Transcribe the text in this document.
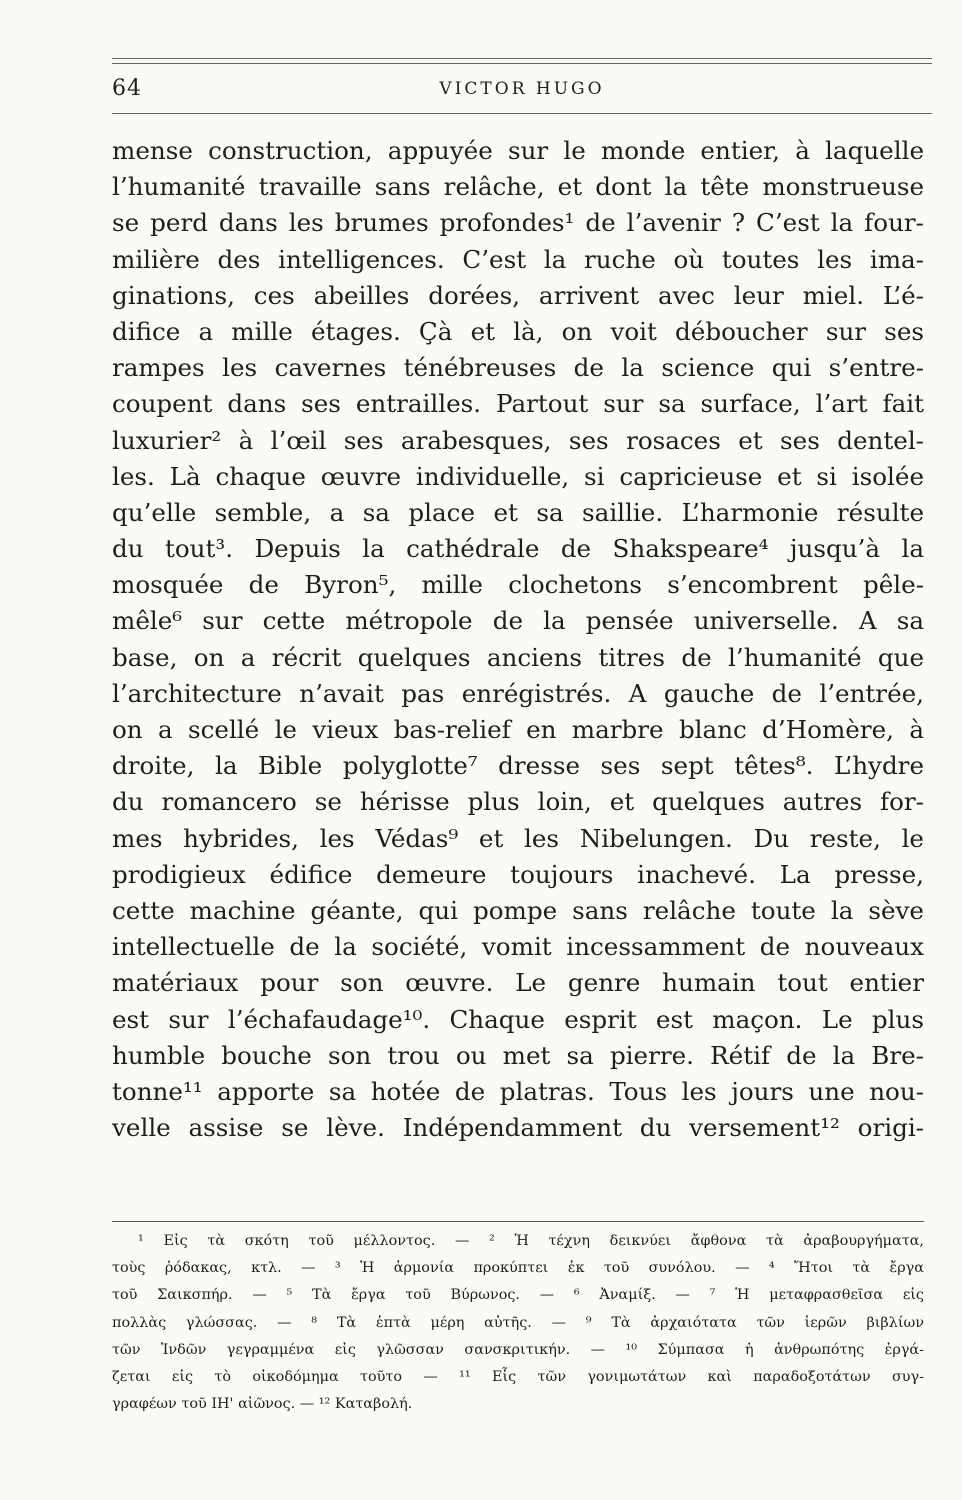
64	VICTOR HUGO
mense construction, appuyée sur le monde entier, à laquelle
l’humanité travaille sans relâche, et dont la tête monstrueuse
se perd dans les brumes profondes¹ de l’avenir ? C’est la four-
milière des intelligences. C’est la ruche où toutes les ima-
ginations, ces abeilles dorées, arrivent avec leur miel. L’é-
difice a mille étages. Çà et là, on voit déboucher sur ses
rampes les cavernes ténébreuses de la science qui s’entre-
coupent dans ses entrailles. Partout sur sa surface, l’art fait
luxurier² à l’œil ses arabesques, ses rosaces et ses dentel-
les. Là chaque œuvre individuelle, si capricieuse et si isolée
qu’elle semble, a sa place et sa saillie. L’harmonie résulte
du tout³. Depuis la cathédrale de Shakspeare⁴ jusqu’à la
mosquée de Byron⁵, mille clochetons s’encombrent pêle-
mêle⁶ sur cette métropole de la pensée universelle. A sa
base, on a récrit quelques anciens titres de l’humanité que
l’architecture n’avait pas enrégistrés. A gauche de l’entrée,
on a scellé le vieux bas-relief en marbre blanc d’Homère, à
droite, la Bible polyglotte⁷ dresse ses sept têtes⁸. L’hydre
du romancero se hérisse plus loin, et quelques autres for-
mes hybrides, les Védas⁹ et les Nibelungen. Du reste, le
prodigieux édifice demeure toujours inachevé. La presse,
cette machine géante, qui pompe sans relâche toute la sève
intellectuelle de la société, vomit incessamment de nouveaux
matériaux pour son œuvre. Le genre humain tout entier
est sur l’échafaudage¹⁰. Chaque esprit est maçon. Le plus
humble bouche son trou ou met sa pierre. Rétif de la Bre-
tonne¹¹ apporte sa hotée de platras. Tous les jours une nou-
velle assise se lève. Indépendamment du versement¹² origi-
¹ Εἰς τὰ σκότη τοῦ μέλλοντος. — ² Ἡ τέχνη δεικνύει ἄφθονα τὰ ἀραβουργήματα,
τοὺς ῥόδακας, κτλ. — ³ Ἡ ἁρμονία προκύπτει ἐκ τοῦ συνόλου. — ⁴ Ἤτοι τὰ ἔργα
τοῦ Σαικσπήρ. — ⁵ Τὰ ἔργα τοῦ Βύρωνος. — ⁶ Ἀναμίξ. — ⁷ Ἡ μεταφρασθεῖσα εἰς
πολλὰς γλώσσας. — ⁸ Τὰ ἑπτὰ μέρη αὐτῆς. — ⁹ Τὰ ἀρχαιότατα τῶν ἱερῶν βιβλίων
τῶν Ἰνδῶν γεγραμμένα εἰς γλῶσσαν σανσκριτικήν. — ¹⁰ Σύμπασα ἡ ἀνθρωπότης ἐργά-
ζεται εἰς τὸ οἰκοδόμημα τοῦτο — ¹¹ Εἷς τῶν γονιμωτάτων καὶ παραδοξοτάτων συγ-
γραφέων τοῦ ΙΗ' αἰῶνος. — ¹² Καταβολή.
